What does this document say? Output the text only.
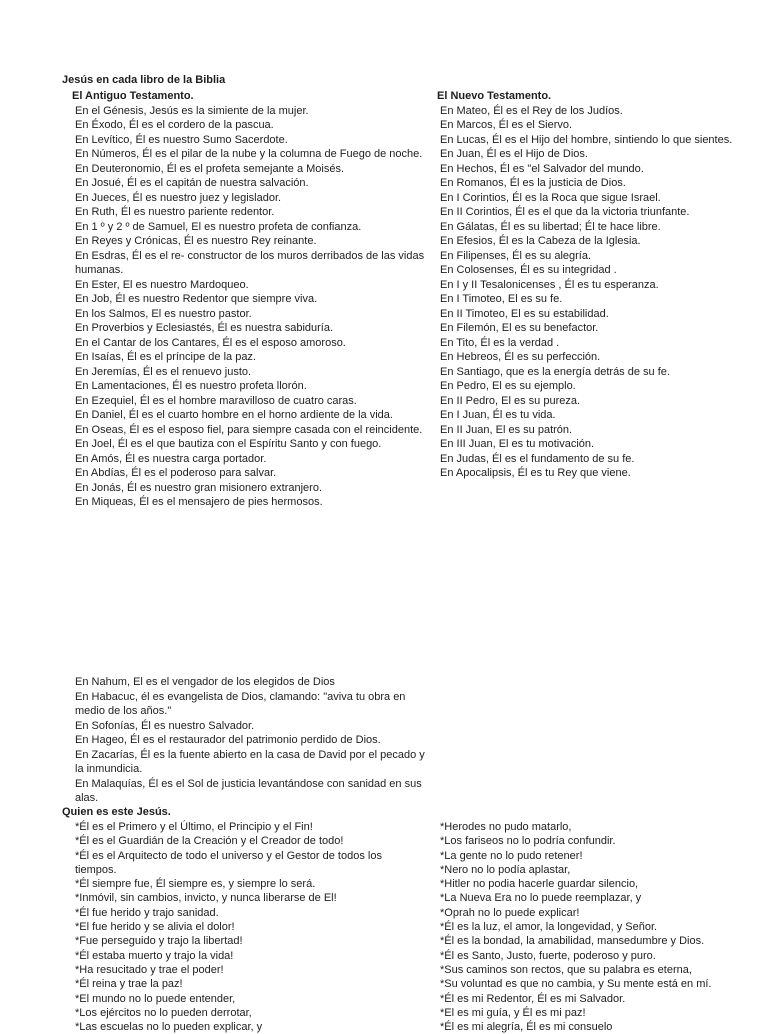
Jesús en cada libro de la Biblia
El Antiguo Testamento.
En el Génesis, Jesús es la simiente de la mujer.
En Éxodo, Él es el cordero de la pascua.
En Levítico, Él es nuestro Sumo Sacerdote.
En Números, Él es el pilar de la nube y la columna de Fuego de noche.
En Deuteronomio, Él es el profeta semejante a Moisés.
En Josué, Él es el capitán de nuestra salvación.
En Jueces, Él es nuestro juez y legislador.
En Ruth, Él es nuestro pariente redentor.
En 1 º y 2 º de Samuel, El es nuestro profeta de confianza.
En Reyes y Crónicas, Él es nuestro Rey reinante.
En Esdras, Él es el re- constructor de los muros derribados de las vidas
humanas.
En Ester, El es nuestro Mardoqueo.
En Job, Él es nuestro Redentor que siempre viva.
En los Salmos, El es nuestro pastor.
En Proverbios y Eclesiastés, Él es nuestra sabiduría.
En el Cantar de los Cantares, Él es el esposo amoroso.
En Isaías, Él es el príncipe de la paz.
En Jeremías, Él es el renuevo justo.
En Lamentaciones, Él es nuestro profeta llorón.
En Ezequiel, Él es el hombre maravilloso de cuatro caras.
En Daniel, Él es el cuarto hombre en el horno ardiente de la vida.
En Oseas, Él es el esposo fiel, para siempre casada con el reincidente.
En Joel, Él es el que bautiza con el Espíritu Santo y con fuego.
En Amós, Él es nuestra carga portador.
En Abdías, Él es el poderoso para salvar.
En Jonás, Él es nuestro gran misionero extranjero.
En Miqueas, Él es el mensajero de pies hermosos.
El Nuevo Testamento.
En Mateo, Él es el Rey de los Judíos.
En Marcos, Él es el Siervo.
En Lucas, Él es el Hijo del hombre, sintiendo lo que sientes.
En Juan, Él es el Hijo de Dios.
En Hechos, Él es "el Salvador del mundo.
En Romanos, Él es la justicia de Dios.
En I Corintios, Él es la Roca que sigue Israel.
En II Corintios, Él es el que da la victoria triunfante.
En Gálatas, Él es su libertad; Él te hace libre.
En Efesios, Él es la Cabeza de la Iglesia.
En Filipenses, Él es su alegría.
En Colosenses, Él es su integridad .
En I y II Tesalonicenses , Él es tu esperanza.
En I Timoteo, El es su fe.
En II Timoteo, El es su estabilidad.
En Filemón, El es su benefactor.
En Tito, Él es la verdad .
En Hebreos, Él es su perfección.
En Santiago, que es la energía detrás de su fe.
En Pedro, El es su ejemplo.
En II Pedro, El es su pureza.
En I Juan, Él es tu vida.
En II Juan, El es su patrón.
En III Juan, El es tu motivación.
En Judas, Él es el fundamento de su fe.
En Apocalipsis, Él es tu Rey que viene.
En Nahum, El es el vengador de los elegidos de Dios
En Habacuc, él es evangelista de Dios, clamando: "aviva tu obra en
medio de los años."
En Sofonías, Él es nuestro Salvador.
En Hageo, Él es el restaurador del patrimonio perdido de Dios.
En Zacarías, Él es la fuente abierto en la casa de David por el pecado y
la inmundicia.
En Malaquías, Él es el Sol de justicia levantándose con sanidad en sus
alas.
Quien es este Jesús.
*Él es el Primero y el Último, el Principio y el Fin!
*Él es el Guardián de la Creación y el Creador de todo!
*Él es el Arquitecto de todo el universo y el Gestor de todos los
tiempos.
*Él siempre fue, Él siempre es, y siempre lo será.
*Inmóvil, sin cambios, invicto, y nunca liberarse de El!
*Él fue herido y trajo sanidad.
*El fue herido y se alivia el dolor!
*Fue perseguido y trajo la libertad!
*Él estaba muerto y trajo la vida!
*Ha resucitado y trae el poder!
*Él reina y trae la paz!
*El mundo no lo puede entender,
*Los ejércitos no lo pueden derrotar,
*Las escuelas no lo pueden explicar, y
*Herodes no pudo matarlo,
*Los fariseos no lo podría confundir.
*La gente no lo pudo retener!
*Nero no lo podía aplastar,
*Hitler no podia hacerle guardar silencio,
*La Nueva Era no lo puede reemplazar, y
*Oprah no lo puede explicar!
*Él es la luz, el amor, la longevidad, y Señor.
*Él es la bondad, la amabilidad, mansedumbre y Dios.
*Él es Santo, Justo, fuerte, poderoso y puro.
*Sus caminos son rectos, que su palabra es eterna,
*Su voluntad es que no cambia, y Su mente está en mí.
*Él es mi Redentor, Él es mi Salvador.
*El es mi guía, y Él es mi paz!
*Él es mi alegría, Él es mi consuelo
